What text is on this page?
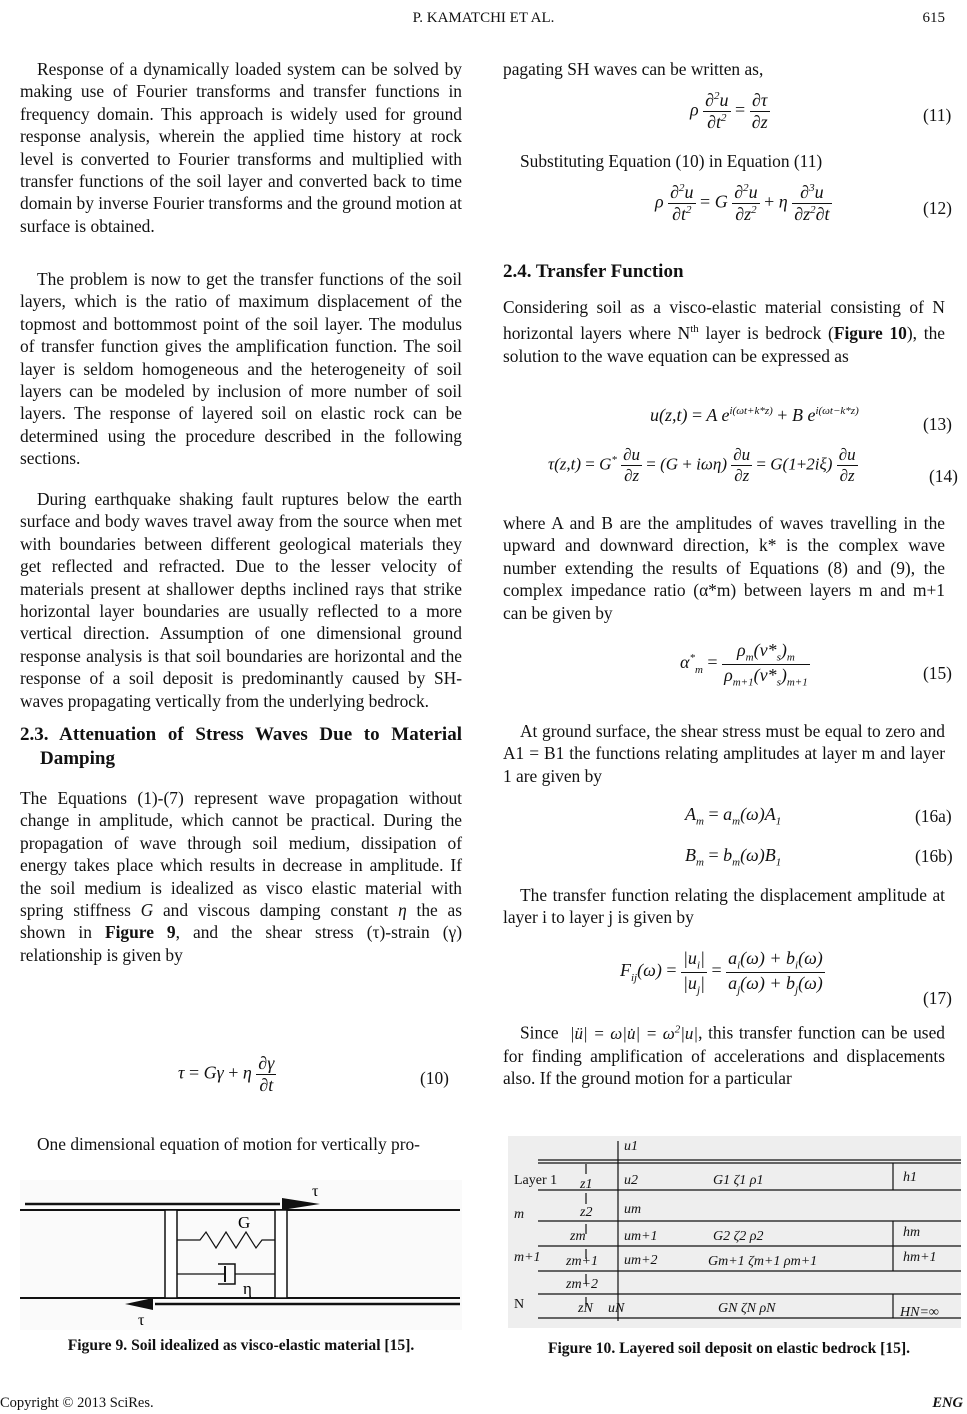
P. KAMATCHI ET AL.	615

Response of a dynamically loaded system can be solved by making use of Fourier transforms and transfer functions in frequency domain. This approach is widely used for ground response analysis, wherein the applied time history at rock level is converted to Fourier transforms and multiplied with transfer functions of the soil layer and converted back to time domain by inverse Fourier transforms and the ground motion at surface is obtained.

The problem is now to get the transfer functions of the soil layers, which is the ratio of maximum displacement of the topmost and bottommost point of the soil layer. The modulus of transfer function gives the amplification function. The soil layer is seldom homogeneous and the heterogeneity of soil layers can be modeled by inclusion of more number of soil layers. The response of layered soil on elastic rock can be determined using the procedure described in the following sections.

During earthquake shaking fault ruptures below the earth surface and body waves travel away from the source when met with boundaries between different geological materials they get reflected and refracted. Due to the lesser velocity of materials present at shallower depths inclined rays that strike horizontal layer boundaries are usually reflected to a more vertical direction. Assumption of one dimensional ground response analysis is that soil boundaries are horizontal and the response of a soil deposit is predominantly caused by SH-waves propagating vertically from the underlying bedrock.

2.3. Attenuation of Stress Waves Due to Material Damping

The Equations (1)-(7) represent wave propagation without change in amplitude, which cannot be practical. During the propagation of wave through soil medium, dissipation of energy takes place which results in decrease in amplitude. If the soil medium is idealized as visco elastic material with spring stiffness G and viscous damping constant η the as shown in Figure 9, and the shear stress (τ)-strain (γ) relationship is given by

τ = Gγ + η $\frac{\partial\gamma}{\partial t}$	(10)

One dimensional equation of motion for vertically pro-

τ
τ
G
η
Figure 9. Soil idealized as visco-elastic material [15].

pagating SH waves can be written as,

ρ $\frac{\partial^2u}{\partial t^2} = \frac{\partial\tau}{\partial z}$	(11)

Substituting Equation (10) in Equation (11)

ρ $\frac{\partial^2u}{\partial t^2} = G \frac{\partial^2u}{\partial z^2} + \eta \frac{\partial^3u}{\partial z^2\partial t}$	(12)
2.4. Transfer Function

Considering soil as a visco-elastic material consisting of N horizontal layers where $N^{th}$ layer is bedrock (Figure 10), the solution to the wave equation can be expressed as

u(z,t) = A $e^{i(\omega t+k*z)} + B$ $e^{i(\omega t-k*z)}$
(13)
$\tau(z,t) = G^* \frac{\partial u}{\partial z} = (G + i\omega\eta) \frac{\partial u}{\partial z} = G(1+2i\xi) \frac{\partial u}{\partial z}$	(14)

where A and B are the amplitudes of waves travelling in the upward and downward direction, k* is the complex wave number extending the results of Equations (8) and (9), the complex impedance ratio (α*m) between layers m and m+1 can be given by

$\alpha^*_m = \frac{\rho_m(v*_s)_m}{\rho_{m+1}(v*_s)_{m+1}}$	(15)

At ground surface, the shear stress must be equal to zero and A1 = B1 the functions relating amplitudes at layer m and layer 1 are given by

$A_m = a_m(\omega)A_1$	(16a)
$B_m = b_m(\omega)B_1$	(16b)

The transfer function relating the displacement amplitude at layer i to layer j is given by

$F_{ij}(\omega) = \frac{|u_i|}{|u_j|} = \frac{a_i(\omega) + b_i(\omega)}{a_j(\omega) + b_j(\omega)}$
(17)

Since  |ü| = ω|u̇| = $\omega^2|u|$, this transfer function can be used for finding amplification of accelerations and displacements also. If the ground motion for a particular

u1
u2
um
um+1
um+2
uN
z1
z2
zm
zm+1
zm+2
zN
G1 ζ1 ρ1
G2 ζ2 ρ2
Gm+1 ζm+1 ρm+1
GN ζN ρN
h1
hm
hm+1
HN=∞
Layer 1
m
m+1
N
Figure 10. Layered soil deposit on elastic bedrock [15].
Copyright © 2013 SciRes.	ENG
